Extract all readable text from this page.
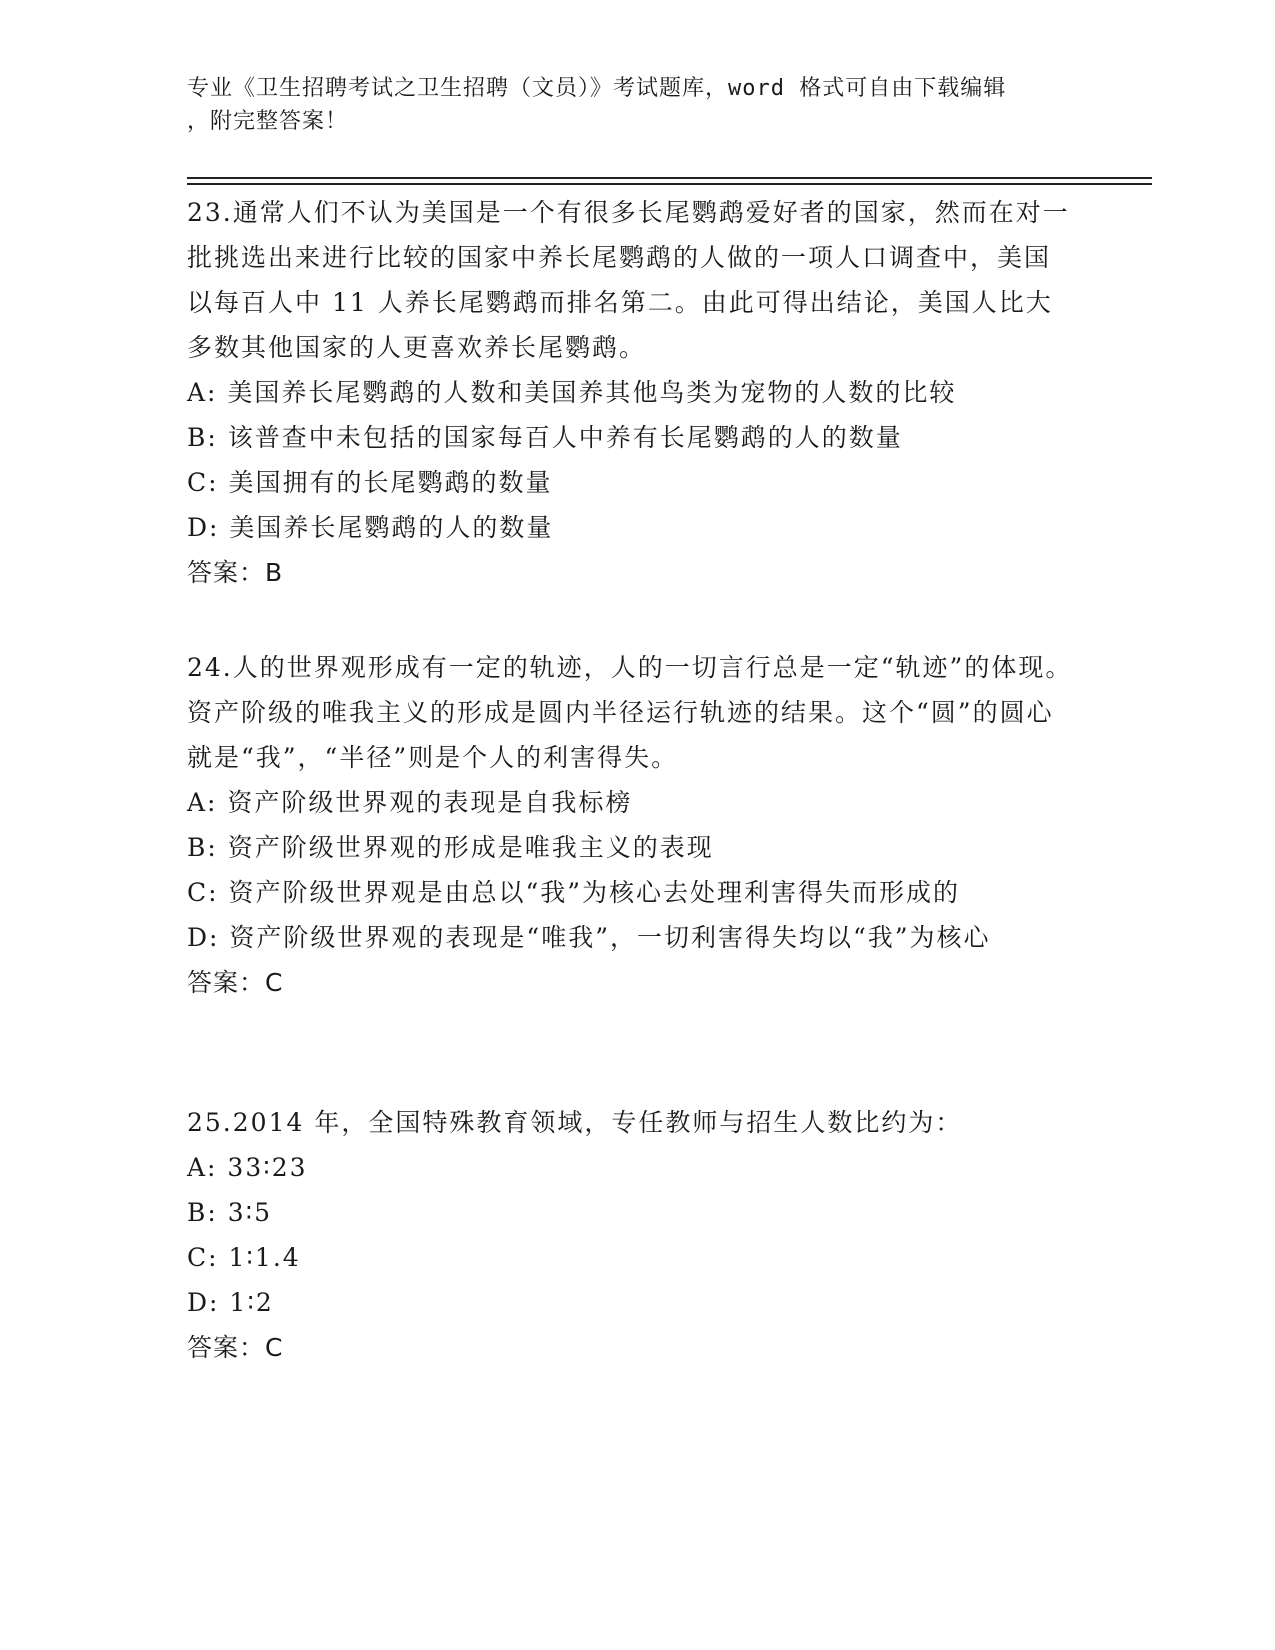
专业《卫生招聘考试之卫生招聘（文员）》考试题库，word 格式可自由下载编辑
，附完整答案！
23.通常人们不认为美国是一个有很多长尾鹦鹉爱好者的国家，然而在对一批挑选出来进行比较的国家中养长尾鹦鹉的人做的一项人口调查中，美国以每百人中 11 人养长尾鹦鹉而排名第二。由此可得出结论，美国人比大多数其他国家的人更喜欢养长尾鹦鹉。
A: 美国养长尾鹦鹉的人数和美国养其他鸟类为宠物的人数的比较
B: 该普查中未包括的国家每百人中养有长尾鹦鹉的人的数量
C: 美国拥有的长尾鹦鹉的数量
D: 美国养长尾鹦鹉的人的数量
答案：B
24.人的世界观形成有一定的轨迹，人的一切言行总是一定“轨迹”的体现。资产阶级的唯我主义的形成是圆内半径运行轨迹的结果。这个“圆”的圆心就是“我”，“半径”则是个人的利害得失。
A: 资产阶级世界观的表现是自我标榜
B: 资产阶级世界观的形成是唯我主义的表现
C: 资产阶级世界观是由总以“我”为核心去处理利害得失而形成的
D: 资产阶级世界观的表现是“唯我”，一切利害得失均以“我”为核心
答案：C
25.2014 年，全国特殊教育领域，专任教师与招生人数比约为：
A: 33∶23
B: 3∶5
C: 1∶1.4
D: 1∶2
答案：C
